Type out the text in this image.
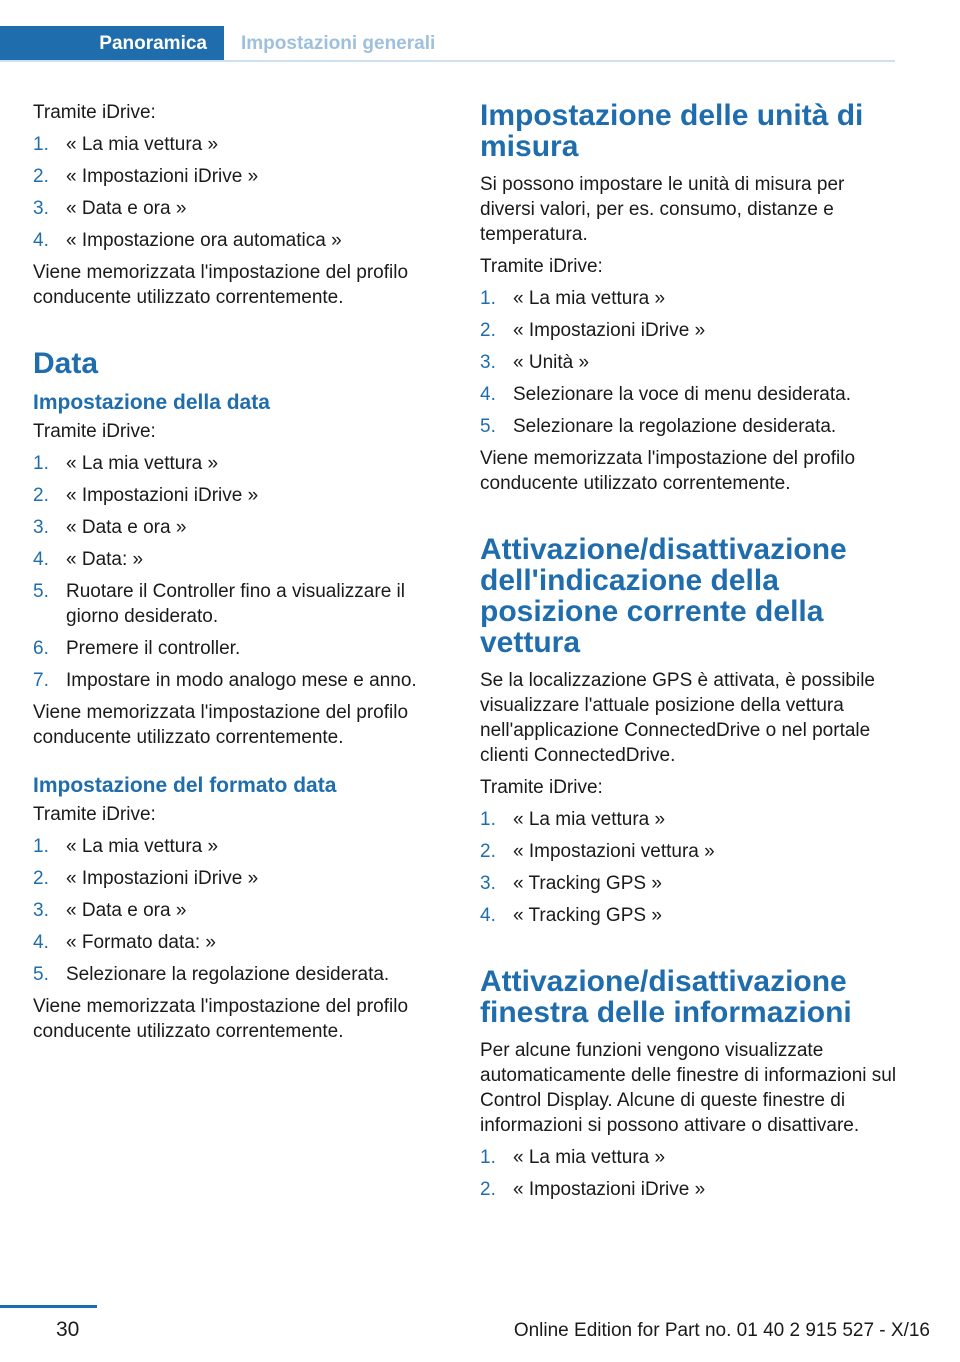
Panoramica	Impostazioni generali

Tramite iDrive:

1. « La mia vettura »
2. « Impostazioni iDrive »
3. « Data e ora »
4. « Impostazione ora automatica »

Viene memorizzata l'impostazione del profilo conducente utilizzato correntemente.

Data
Impostazione della data

Tramite iDrive:

1. « La mia vettura »
2. « Impostazioni iDrive »
3. « Data e ora »
4. « Data: »
5. Ruotare il Controller fino a visualizzare il giorno desiderato.
6. Premere il controller.
7. Impostare in modo analogo mese e anno.

Viene memorizzata l'impostazione del profilo conducente utilizzato correntemente.

Impostazione del formato data

Tramite iDrive:

1. « La mia vettura »
2. « Impostazioni iDrive »
3. « Data e ora »
4. « Formato data: »
5. Selezionare la regolazione desiderata.

Viene memorizzata l'impostazione del profilo conducente utilizzato correntemente.

Impostazione delle unità di misura

Si possono impostare le unità di misura per diversi valori, per es. consumo, distanze e temperatura.

Tramite iDrive:

1. « La mia vettura »
2. « Impostazioni iDrive »
3. « Unità »
4. Selezionare la voce di menu desiderata.
5. Selezionare la regolazione desiderata.

Viene memorizzata l'impostazione del profilo conducente utilizzato correntemente.

Attivazione/disattivazione dell'indicazione della posizione corrente della vettura

Se la localizzazione GPS è attivata, è possibile visualizzare l'attuale posizione della vettura nell'applicazione ConnectedDrive o nel portale clienti ConnectedDrive.

Tramite iDrive:

1. « La mia vettura »
2. « Impostazioni vettura »
3. « Tracking GPS »
4. « Tracking GPS »
Attivazione/disattivazione finestra delle informazioni

Per alcune funzioni vengono visualizzate automaticamente delle finestre di informazioni sul Control Display. Alcune di queste finestre di informazioni si possono attivare o disattivare.

1. « La mia vettura »
2. « Impostazioni iDrive »
30	Online Edition for Part no. 01 40 2 915 527 - X/16
